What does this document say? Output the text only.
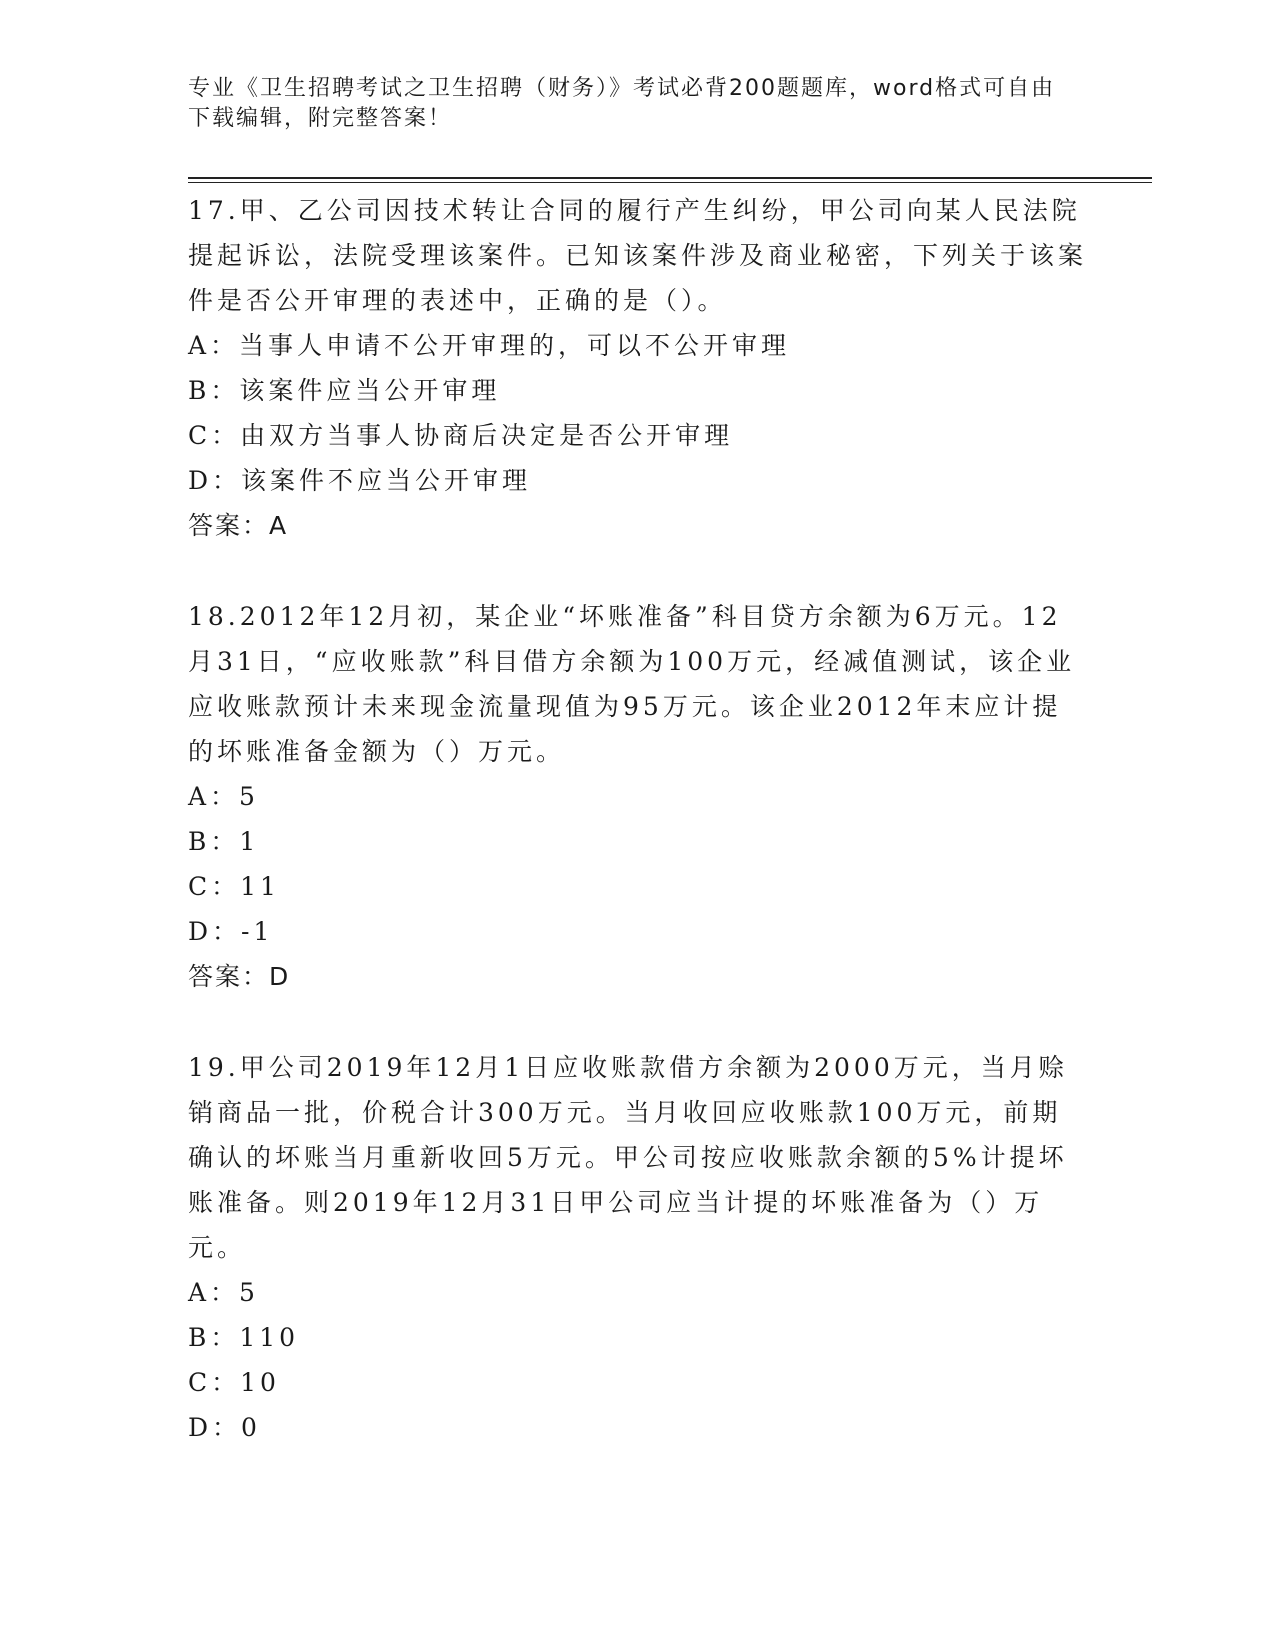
专业《卫生招聘考试之卫生招聘（财务）》考试必背200题题库，word格式可自由下载编辑，附完整答案！
17.甲、乙公司因技术转让合同的履行产生纠纷，甲公司向某人民法院提起诉讼，法院受理该案件。已知该案件涉及商业秘密，下列关于该案件是否公开审理的表述中，正确的是（）。
A：当事人申请不公开审理的，可以不公开审理
B：该案件应当公开审理
C：由双方当事人协商后决定是否公开审理
D：该案件不应当公开审理
答案：A
18.2012年12月初，某企业“坏账准备”科目贷方余额为6万元。12月31日，“应收账款”科目借方余额为100万元，经减值测试，该企业应收账款预计未来现金流量现值为95万元。该企业2012年末应计提的坏账准备金额为（）万元。
A：5
B：1
C：11
D：-1
答案：D
19.甲公司2019年12月1日应收账款借方余额为2000万元，当月赊销商品一批，价税合计300万元。当月收回应收账款100万元，前期确认的坏账当月重新收回5万元。甲公司按应收账款余额的5%计提坏账准备。则2019年12月31日甲公司应当计提的坏账准备为（）万元。
A：5
B：110
C：10
D：0
